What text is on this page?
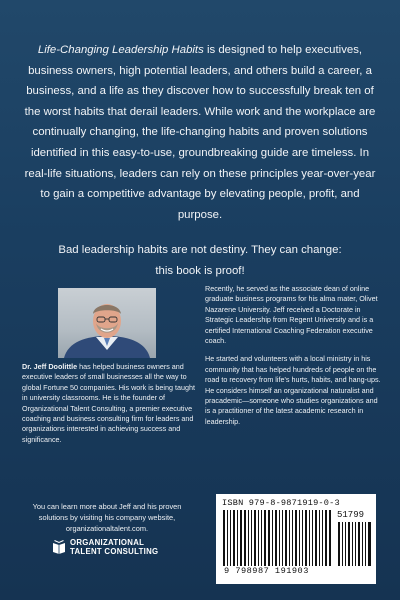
Life-Changing Leadership Habits is designed to help executives, business owners, high potential leaders, and others build a career, a business, and a life as they discover how to successfully break ten of the worst habits that derail leaders. While work and the workplace are continually changing, the life-changing habits and proven solutions identified in this easy-to-use, groundbreaking guide are timeless. In real-life situations, leaders can rely on these principles year-over-year to gain a competitive advantage by elevating people, profit, and purpose.
Bad leadership habits are not destiny. They can change:
this book is proof!
Dr. Jeff Doolittle has helped business owners and executive leaders of small businesses all the way to global Fortune 50 companies. His work is being taught in university classrooms. He is the founder of Organizational Talent Consulting, a premier executive coaching and business consulting firm for leaders and organizations interested in achieving success and significance.

Recently, he served as the associate dean of online graduate business programs for his alma mater, Olivet Nazarene University. Jeff received a Doctorate in Strategic Leadership from Regent University and is a certified International Coaching Federation executive coach.

He started and volunteers with a local ministry in his community that has helped hundreds of people on the road to recovery from life's hurts, habits, and hang-ups. He considers himself an organizational naturalist and pracademic—someone who studies organizations and is a practitioner of the latest academic research in leadership.

You can learn more about Jeff and his proven solutions by visiting his company website, organizationaltalent.com.
ORGANIZATIONAL
TALENT CONSULTING
ISBN 979-8-9871919-0-3
51799
9 798987 191903
